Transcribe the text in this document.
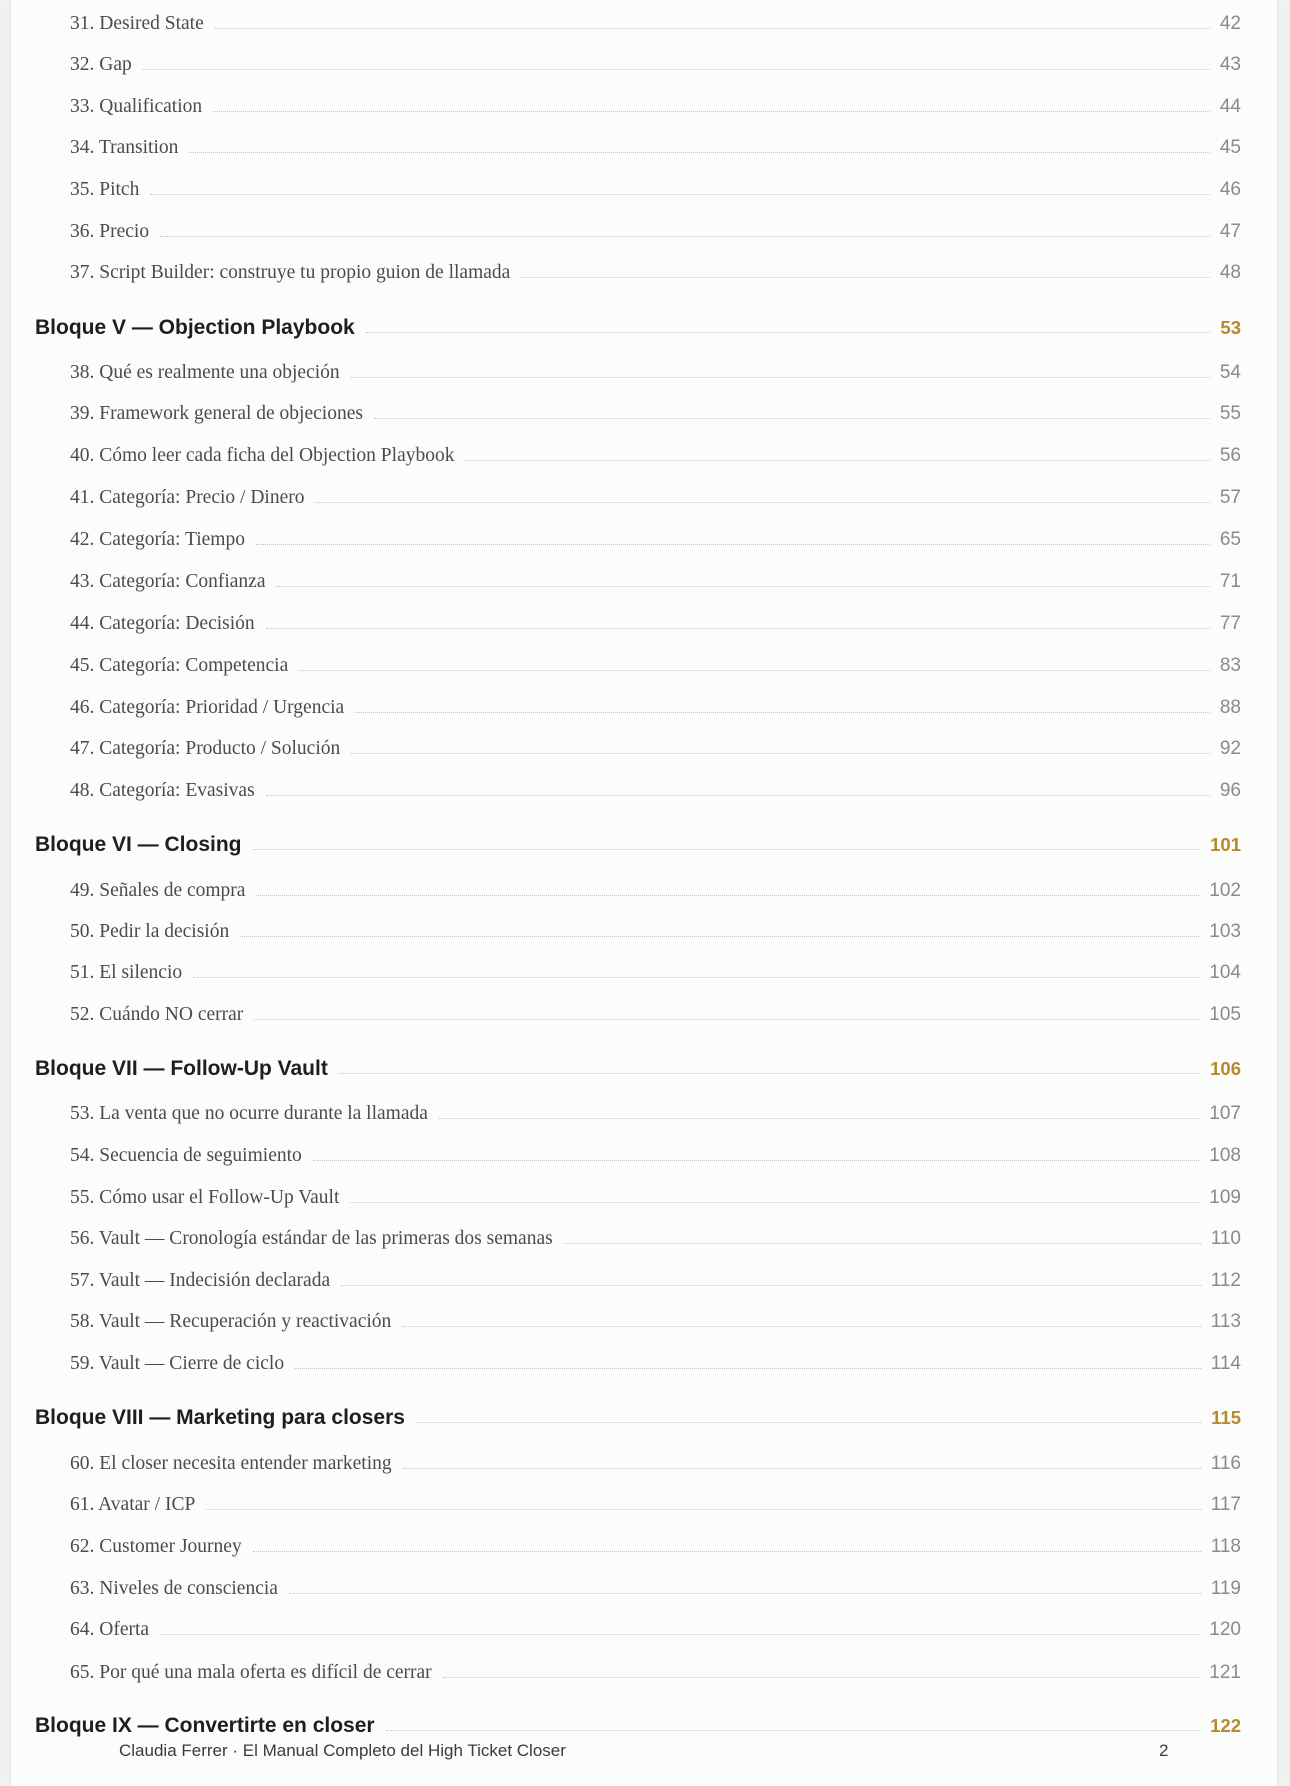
31. Desired State	42
32. Gap	43
33. Qualification	44
34. Transition	45
35. Pitch	46
36. Precio	47
37. Script Builder: construye tu propio guion de llamada	48
Bloque V — Objection Playbook	53
38. Qué es realmente una objeción	54
39. Framework general de objeciones	55
40. Cómo leer cada ficha del Objection Playbook	56
41. Categoría: Precio / Dinero	57
42. Categoría: Tiempo	65
43. Categoría: Confianza	71
44. Categoría: Decisión	77
45. Categoría: Competencia	83
46. Categoría: Prioridad / Urgencia	88
47. Categoría: Producto / Solución	92
48. Categoría: Evasivas	96
Bloque VI — Closing	101
49. Señales de compra	102
50. Pedir la decisión	103
51. El silencio	104
52. Cuándo NO cerrar	105
Bloque VII — Follow-Up Vault	106
53. La venta que no ocurre durante la llamada	107
54. Secuencia de seguimiento	108
55. Cómo usar el Follow-Up Vault	109
56. Vault — Cronología estándar de las primeras dos semanas	110
57. Vault — Indecisión declarada	112
58. Vault — Recuperación y reactivación	113
59. Vault — Cierre de ciclo	114
Bloque VIII — Marketing para closers	115
60. El closer necesita entender marketing	116
61. Avatar / ICP	117
62. Customer Journey	118
63. Niveles de consciencia	119
64. Oferta	120
65. Por qué una mala oferta es difícil de cerrar	121
Bloque IX — Convertirte en closer	122
Claudia Ferrer · El Manual Completo del High Ticket Closer	2
